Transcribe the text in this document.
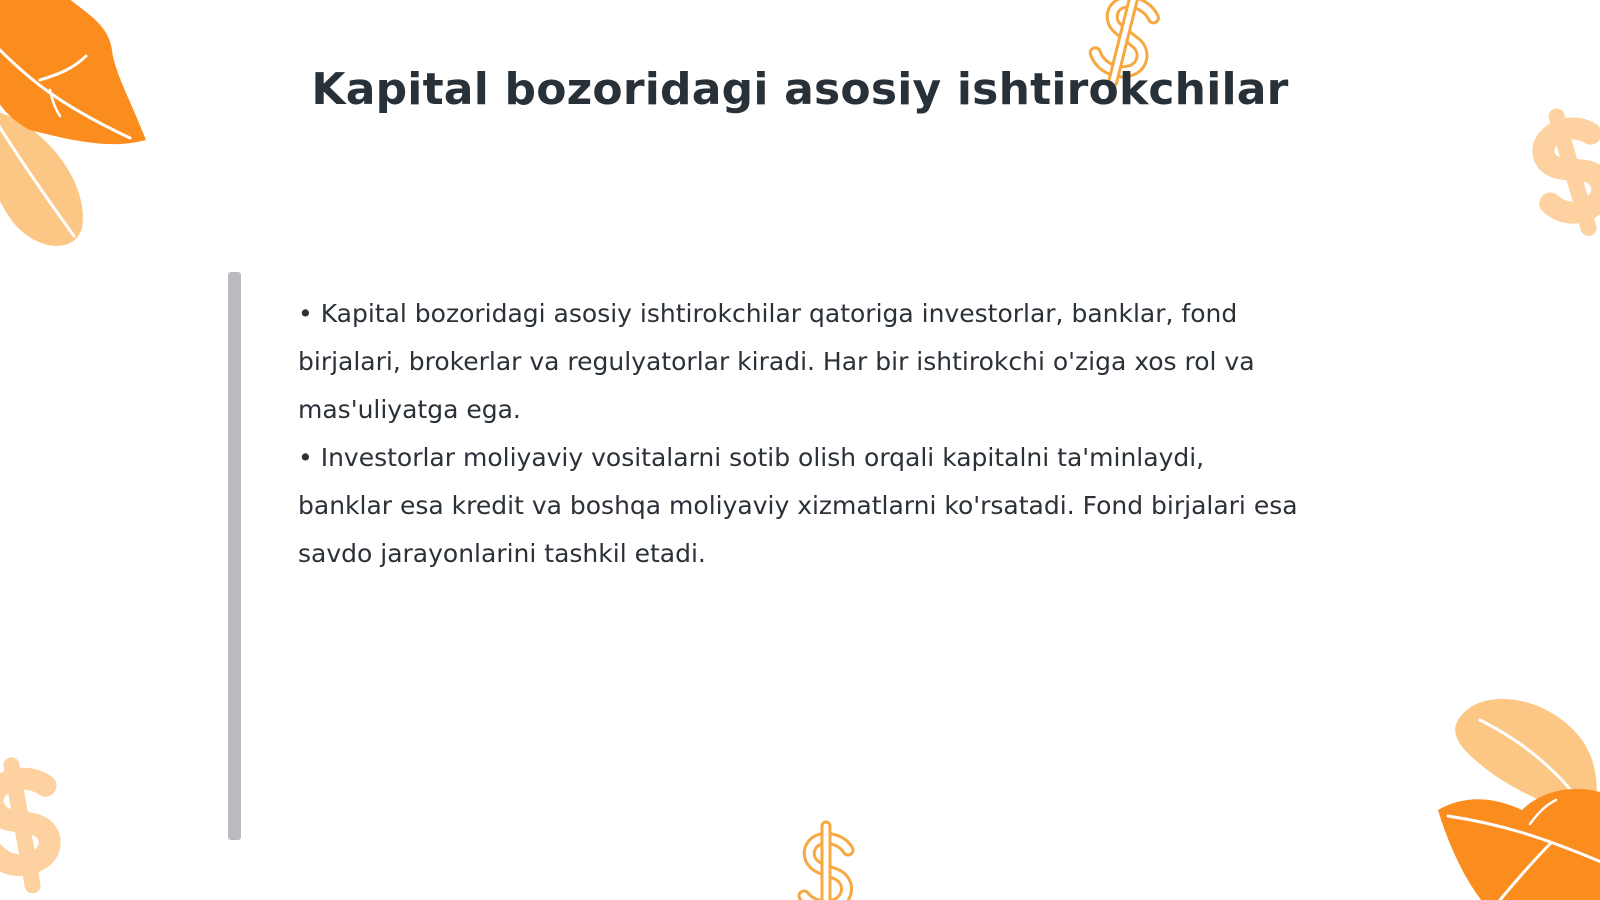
Kapital bozoridagi asosiy ishtirokchilar

• Kapital bozoridagi asosiy ishtirokchilar qatoriga investorlar, banklar, fond birjalari, brokerlar va regulyatorlar kiradi. Har bir ishtirokchi o'ziga xos rol va mas'uliyatga ega.

• Investorlar moliyaviy vositalarni sotib olish orqali kapitalni ta'minlaydi, banklar esa kredit va boshqa moliyaviy xizmatlarni ko'rsatadi. Fond birjalari esa savdo jarayonlarini tashkil etadi.
